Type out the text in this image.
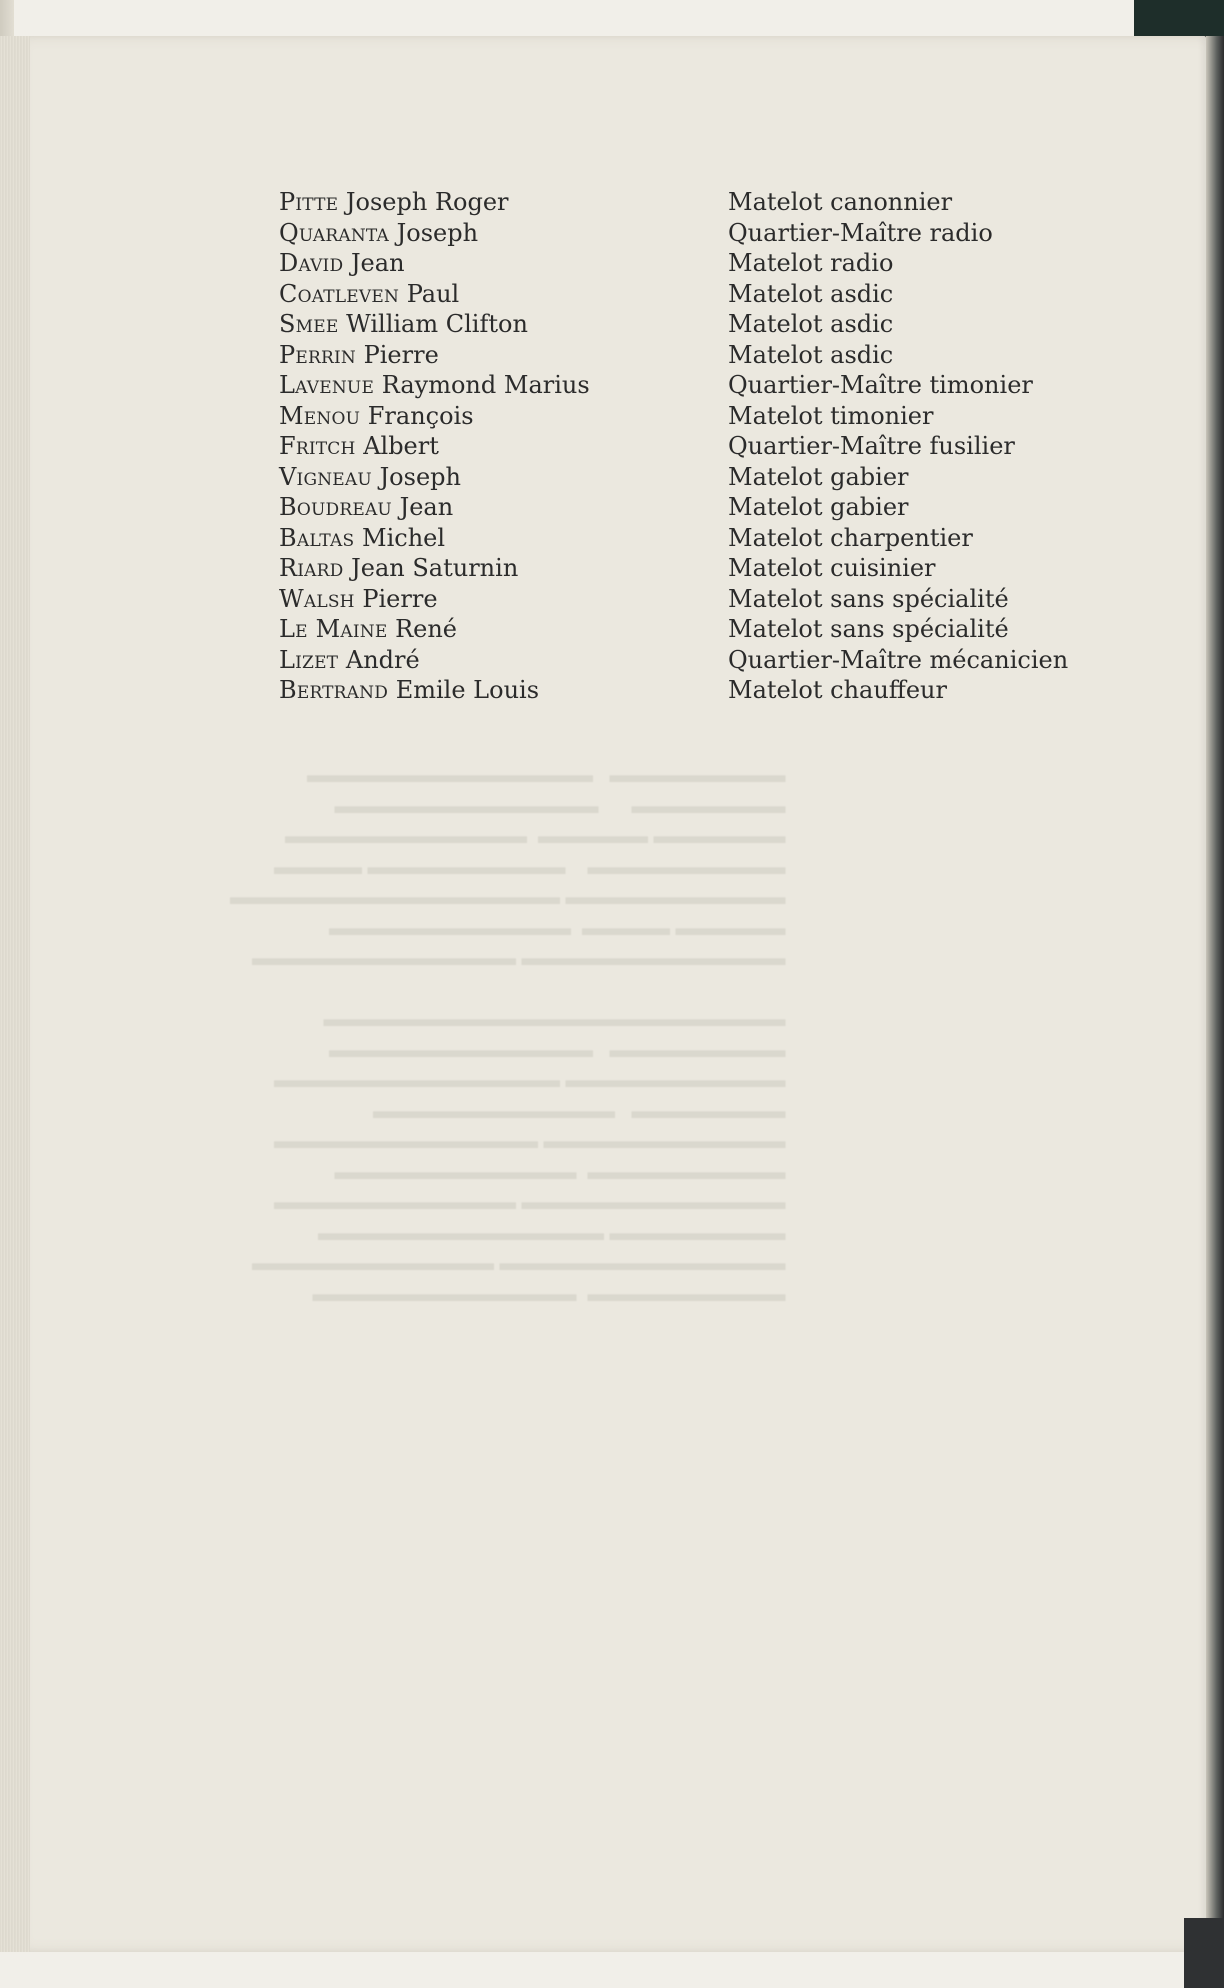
▬▬▬▬▬▬▬▬   ▬▬▬▬▬▬▬▬▬▬▬▬▬
▬▬▬▬▬▬▬      ▬▬▬▬▬▬▬▬▬▬▬▬
▬▬▬▬▬▬ ▬▬▬▬▬  ▬▬▬▬▬▬▬▬▬▬▬
▬▬▬▬▬▬▬▬▬    ▬▬▬▬▬▬▬▬▬ ▬▬▬▬
▬▬▬▬▬▬▬▬▬▬ ▬▬▬▬▬▬▬▬▬▬▬▬▬▬▬
▬▬▬▬▬ ▬▬▬▬  ▬▬▬▬▬▬▬▬▬▬▬
▬▬▬▬▬▬▬▬▬▬▬▬ ▬▬▬▬▬▬▬▬▬▬▬▬

▬▬▬▬▬▬▬▬▬▬▬▬▬▬▬▬▬▬▬▬▬
▬▬▬▬▬▬▬▬   ▬▬▬▬▬▬▬▬▬▬▬▬
▬▬▬▬▬▬▬▬▬▬ ▬▬▬▬▬▬▬▬▬▬▬▬▬
▬▬▬▬▬▬▬   ▬▬▬▬▬▬▬▬▬▬▬
▬▬▬▬▬▬▬▬▬▬▬ ▬▬▬▬▬▬▬▬▬▬▬▬
▬▬▬▬▬▬▬▬▬  ▬▬▬▬▬▬▬▬▬▬▬
▬▬▬▬▬▬▬▬▬▬▬▬ ▬▬▬▬▬▬▬▬▬▬▬
▬▬▬▬▬▬▬▬ ▬▬▬▬▬▬▬▬▬▬▬▬▬
▬▬▬▬▬▬▬▬▬▬▬▬▬ ▬▬▬▬▬▬▬▬▬▬▬
▬▬▬▬▬▬▬▬▬  ▬▬▬▬▬▬▬▬▬▬▬▬
Pitte Joseph Roger	Matelot canonnier
Quaranta Joseph	Quartier-Maître radio
David Jean	Matelot radio
Coatleven Paul	Matelot asdic
Smee William Clifton	Matelot asdic
Perrin Pierre	Matelot asdic
Lavenue Raymond Marius	Quartier-Maître timonier
Menou François	Matelot timonier
Fritch Albert	Quartier-Maître fusilier
Vigneau Joseph	Matelot gabier
Boudreau Jean	Matelot gabier
Baltas Michel	Matelot charpentier
Riard Jean Saturnin	Matelot cuisinier
Walsh Pierre	Matelot sans spécialité
Le Maine René	Matelot sans spécialité
Lizet André	Quartier-Maître mécanicien
Bertrand Emile Louis	Matelot chauffeur
